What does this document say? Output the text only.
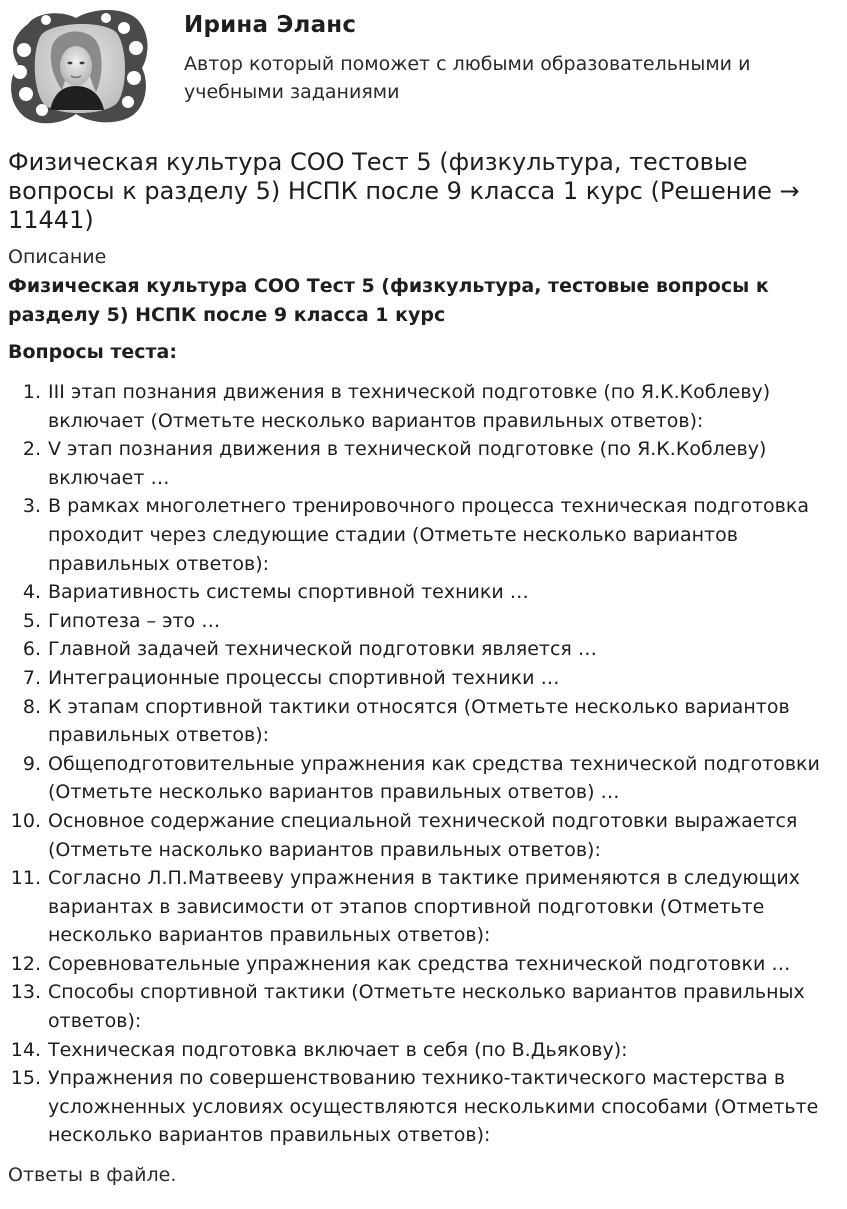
Ирина Эланс
Автор который поможет с любыми образовательными и учебными заданиями
Физическая культура СОО Тест 5 (физкультура, тестовые вопросы к разделу 5) НСПК после 9 класса 1 курс (Решение → 11441)
Описание
Физическая культура СОО Тест 5 (физкультура, тестовые вопросы к разделу 5) НСПК после 9 класса 1 курс
Вопросы теста:
1. III этап познания движения в технической подготовке (по Я.К.Коблеву) включает (Отметьте несколько вариантов правильных ответов):
2. V этап познания движения в технической подготовке (по Я.К.Коблеву) включает …
3. В рамках многолетнего тренировочного процесса техническая подготовка проходит через следующие стадии (Отметьте несколько вариантов правильных ответов):
4. Вариативность системы спортивной техники …
5. Гипотеза – это …
6. Главной задачей технической подготовки является …
7. Интеграционные процессы спортивной техники …
8. К этапам спортивной тактики относятся (Отметьте несколько вариантов правильных ответов):
9. Общеподготовительные упражнения как средства технической подготовки (Отметьте несколько вариантов правильных ответов) …
10. Основное содержание специальной технической подготовки выражается (Отметьте насколько вариантов правильных ответов):
11. Согласно Л.П.Матвееву упражнения в тактике применяются в следующих вариантах в зависимости от этапов спортивной подготовки (Отметьте несколько вариантов правильных ответов):
12. Соревновательные упражнения как средства технической подготовки …
13. Способы спортивной тактики (Отметьте несколько вариантов правильных ответов):
14. Техническая подготовка включает в себя (по В.Дьякову):
15. Упражнения по совершенствованию технико-тактического мастерства в усложненных условиях осуществляются несколькими способами (Отметьте несколько вариантов правильных ответов):
Ответы в файле.
